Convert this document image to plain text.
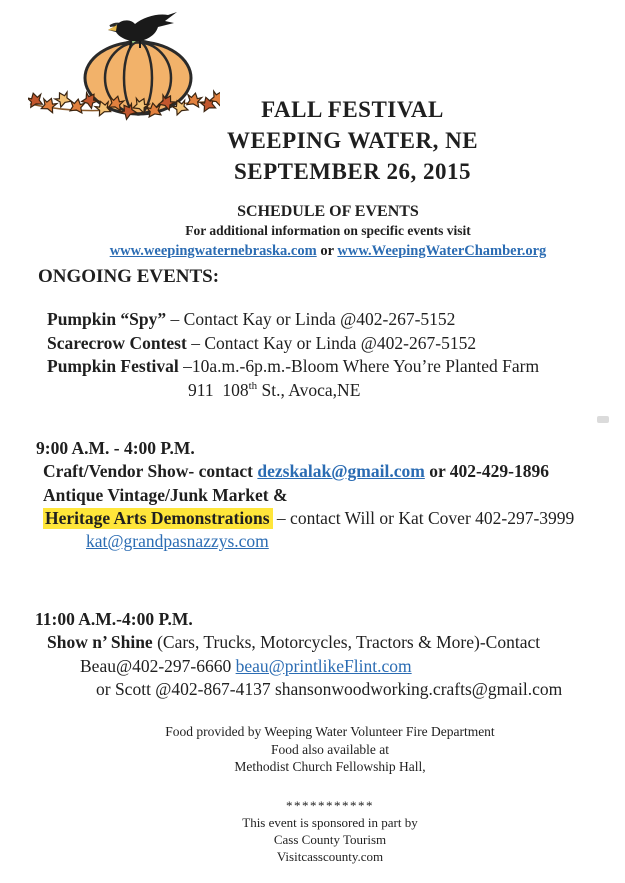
FALL FESTIVAL
WEEPING WATER, NE
SEPTEMBER 26, 2015
SCHEDULE OF EVENTS
For additional information on specific events visit
www.weepingwaternebraska.com or www.WeepingWaterChamber.org
ONGOING EVENTS:
Pumpkin “Spy” – Contact Kay or Linda @402-267-5152
Scarecrow Contest – Contact Kay or Linda @402-267-5152
Pumpkin Festival –10a.m.-6p.m.-Bloom Where You’re Planted Farm
911  108th St., Avoca,NE
9:00 A.M. - 4:00 P.M.
Craft/Vendor Show- contact dezskalak@gmail.com or 402-429-1896
Antique Vintage/Junk Market &
Heritage Arts Demonstrations – contact Will or Kat Cover 402-297-3999
kat@grandpasnazzys.com
11:00 A.M.-4:00 P.M.
Show n’ Shine (Cars, Trucks, Motorcycles, Tractors & More)-Contact
Beau@402-297-6660 beau@printlikeFlint.com
or Scott @402-867-4137 shansonwoodworking.crafts@gmail.com
Food provided by Weeping Water Volunteer Fire Department
Food also available at
Methodist Church Fellowship Hall,
***********
This event is sponsored in part by
Cass County Tourism
Visitcasscounty.com
